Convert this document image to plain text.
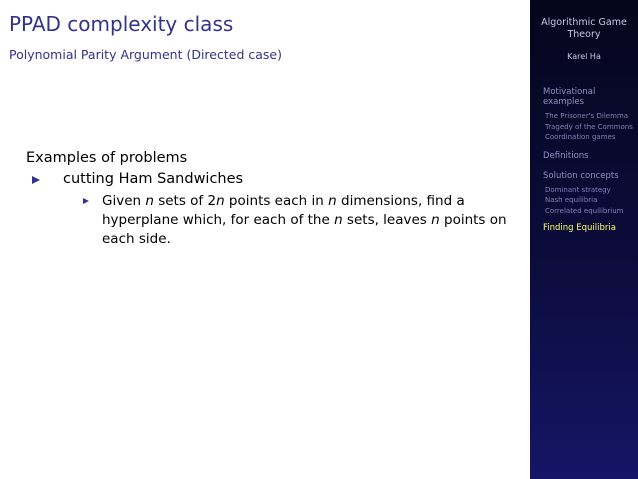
PPAD complexity class
Polynomial Parity Argument (Directed case)
Examples of problems
cutting Ham Sandwiches
Given n sets of 2n points each in n dimensions, find a hyperplane which, for each of the n sets, leaves n points on each side.
Algorithmic Game Theory
Karel Ha
Motivational examples
The Prisoner's Dilemma
Tragedy of the Commons
Coordination games
Definitions
Solution concepts
Dominant strategy
Nash equilibria
Correlated equilibrium
Finding Equilibria
